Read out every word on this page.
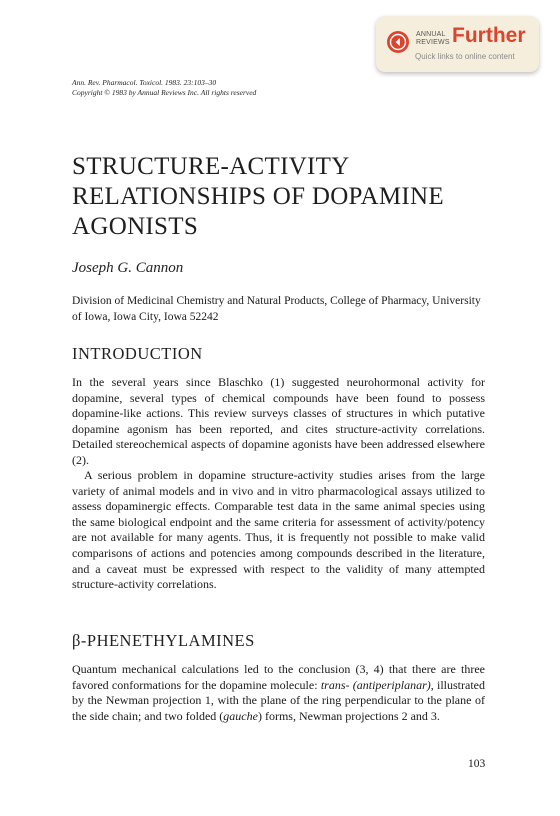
ANNUAL
REVIEWS Further
Quick links to online content
Ann. Rev. Pharmacol. Toxicol. 1983. 23:103–30
Copyright © 1983 by Annual Reviews Inc. All rights reserved
STRUCTURE-ACTIVITY RELATIONSHIPS OF DOPAMINE AGONISTS
Joseph G. Cannon
Division of Medicinal Chemistry and Natural Products, College of Pharmacy, University of Iowa, Iowa City, Iowa 52242
INTRODUCTION
In the several years since Blaschko (1) suggested neurohormonal activity for dopamine, several types of chemical compounds have been found to possess dopamine-like actions. This review surveys classes of structures in which putative dopamine agonism has been reported, and cites structure-activity correlations. Detailed stereochemical aspects of dopamine agonists have been addressed elsewhere (2).
A serious problem in dopamine structure-activity studies arises from the large variety of animal models and in vivo and in vitro pharmacological assays utilized to assess dopaminergic effects. Comparable test data in the same animal species using the same biological endpoint and the same criteria for assessment of activity/potency are not available for many agents. Thus, it is frequently not possible to make valid comparisons of actions and potencies among compounds described in the literature, and a caveat must be expressed with respect to the validity of many attempted structure-activity correlations.
β-PHENETHYLAMINES
Quantum mechanical calculations led to the conclusion (3, 4) that there are three favored conformations for the dopamine molecule: trans- (antiperiplanar), illustrated by the Newman projection 1, with the plane of the ring perpendicular to the plane of the side chain; and two folded (gauche) forms, Newman projections 2 and 3.
103
